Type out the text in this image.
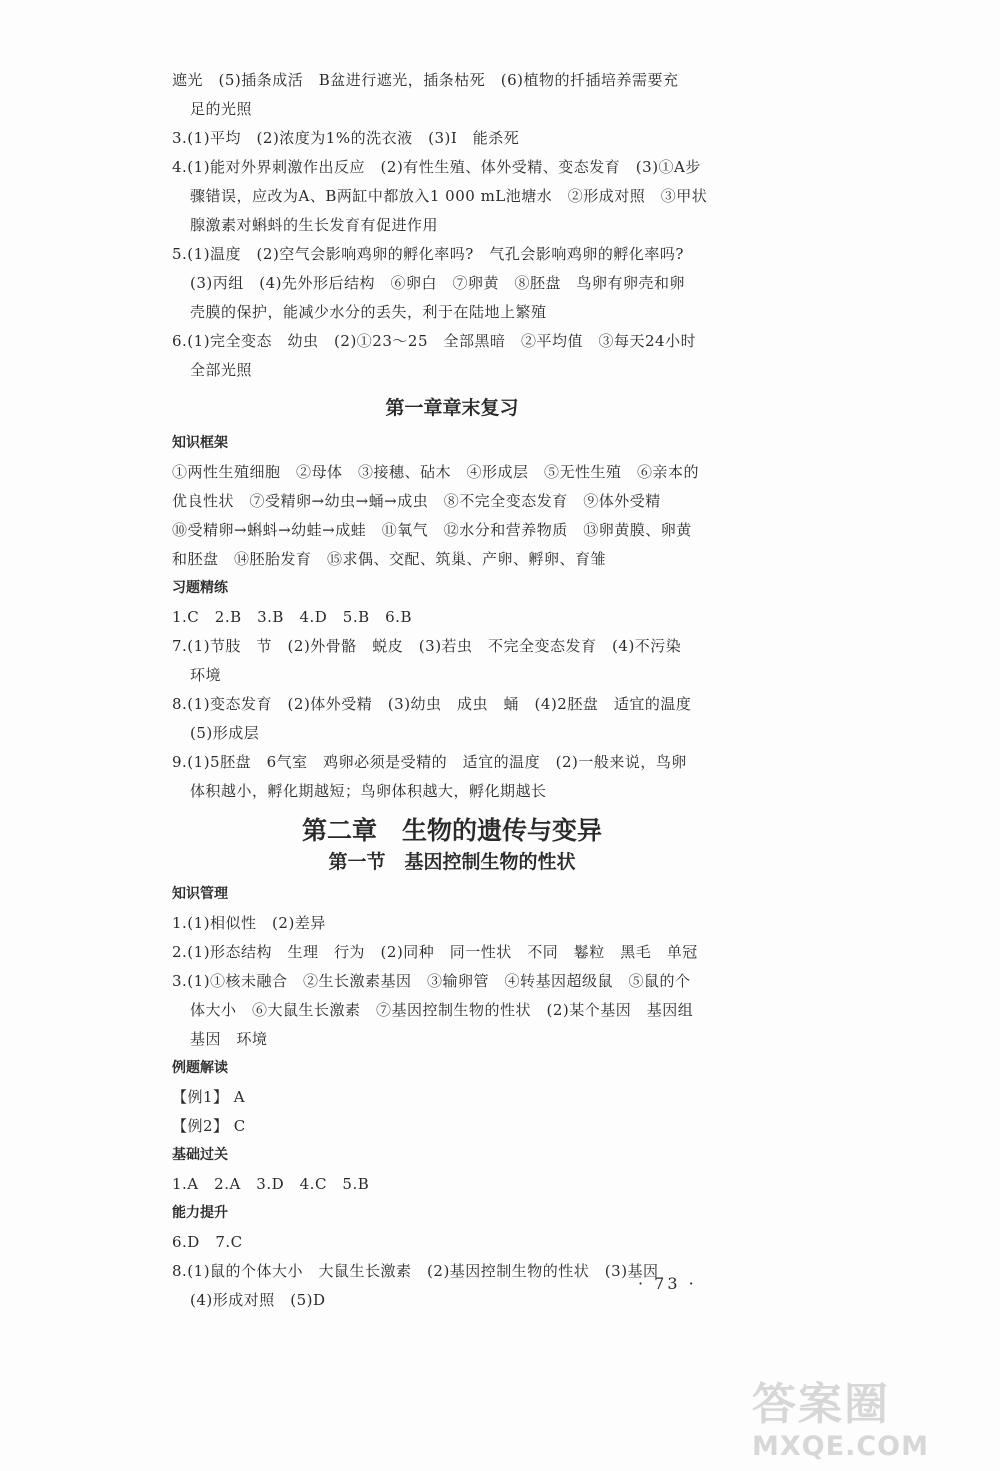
遮光　(5)插条成活　B盆进行遮光，插条枯死　(6)植物的扦插培养需要充
足的光照
3.(1)平均　(2)浓度为1%的洗衣液　(3)Ⅰ　能杀死
4.(1)能对外界刺激作出反应　(2)有性生殖、体外受精、变态发育　(3)①A步
骤错误，应改为A、B两缸中都放入1 000 mL池塘水　②形成对照　③甲状
腺激素对蝌蚪的生长发育有促进作用
5.(1)温度　(2)空气会影响鸡卵的孵化率吗?　气孔会影响鸡卵的孵化率吗?
(3)丙组　(4)先外形后结构　⑥卵白　⑦卵黄　⑧胚盘　鸟卵有卵壳和卵
壳膜的保护，能减少水分的丢失，利于在陆地上繁殖
6.(1)完全变态　幼虫　(2)①23～25　全部黑暗　②平均值　③每天24小时
全部光照
第一章章末复习
知识框架
①两性生殖细胞　②母体　③接穗、砧木　④形成层　⑤无性生殖　⑥亲本的
优良性状　⑦受精卵→幼虫→蛹→成虫　⑧不完全变态发育　⑨体外受精
⑩受精卵→蝌蚪→幼蛙→成蛙　⑪氧气　⑫水分和营养物质　⑬卵黄膜、卵黄
和胚盘　⑭胚胎发育　⑮求偶、交配、筑巢、产卵、孵卵、育雏
习题精练
1.C　2.B　3.B　4.D　5.B　6.B
7.(1)节肢　节　(2)外骨骼　蜕皮　(3)若虫　不完全变态发育　(4)不污染
环境
8.(1)变态发育　(2)体外受精　(3)幼虫　成虫　蛹　(4)2胚盘　适宜的温度
(5)形成层
9.(1)5胚盘　6气室　鸡卵必须是受精的　适宜的温度　(2)一般来说，鸟卵
体积越小，孵化期越短；鸟卵体积越大，孵化期越长
第二章　生物的遗传与变异
第一节　基因控制生物的性状
知识管理
1.(1)相似性　(2)差异
2.(1)形态结构　生理　行为　(2)同种　同一性状　不同　鬈粒　黑毛　单冠
3.(1)①核未融合　②生长激素基因　③输卵管　④转基因超级鼠　⑤鼠的个
体大小　⑥大鼠生长激素　⑦基因控制生物的性状　(2)某个基因　基因组
基因　环境
例题解读
【例1】 A
【例2】 C
基础过关
1.A　2.A　3.D　4.C　5.B
能力提升
6.D　7.C
8.(1)鼠的个体大小　大鼠生长激素　(2)基因控制生物的性状　(3)基因
(4)形成对照　(5)D
· 73 ·
答案圈
MXQE.COM
